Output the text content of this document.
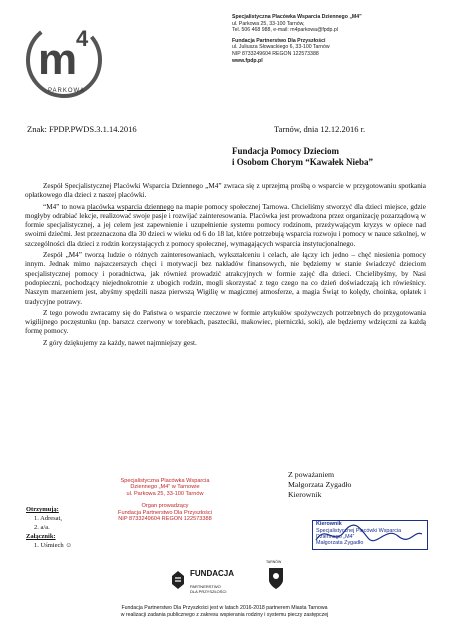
m
4
PARKOWA
Specjalistyczna Placówka Wsparcia Dziennego „M4”
ul. Parkowa 25, 33-100 Tarnów,
Tel. 506 468 988, e-mail: m4parkowa@fpdp.pl
Fundacja Partnerstwo Dla Przyszłości
ul. Juliusza Słowackiego 6, 33-100 Tarnów
NIP 8733249604 REGON 122573388
www.fpdp.pl
Znak: FPDP.PWDS.3.1.14.2016	Tarnów, dnia 12.12.2016 r.
Fundacja Pomocy Dzieciom
i Osobom Chorym “Kawałek Nieba”

Zespół Specjalistycznej Placówki Wsparcia Dziennego „M4” zwraca się z uprzejmą prośbą o wsparcie w przygotowaniu spotkania opłatkowego dla dzieci z naszej placówki.

“M4” to nowa placówka wsparcia dziennego na mapie pomocy społecznej Tarnowa. Chcieliśmy stworzyć dla dzieci miejsce, gdzie mogłyby odrabiać lekcje, realizować swoje pasje i rozwijać zainteresowania. Placówka jest prowadzona przez organizację pozarządową w formie specjalistycznej, a jej celem jest zapewnienie i uzupełnienie systemu pomocy rodzinom, przeżywającym kryzys w opiece nad swoimi dziećmi. Jest przeznaczona dla 30 dzieci w wieku od 6 do 18 lat, które potrzebują wsparcia rozwoju i pomocy w nauce szkolnej, w szczególności dla dzieci z rodzin korzystających z pomocy społecznej, wymagających wsparcia instytucjonalnego.

Zespół „M4” tworzą ludzie o różnych zainteresowaniach, wykształceniu i celach, ale łączy ich jedno – chęć niesienia pomocy innym. Jednak mimo najszczerszych chęci i motywacji bez nakładów finansowych, nie będziemy w stanie świadczyć dzieciom specjalistycznej pomocy i poradnictwa, jak również prowadzić atrakcyjnych w formie zajęć dla dzieci. Chcielibyśmy, by Nasi podopieczni, pochodzący niejednokrotnie z ubogich rodzin, mogli skorzystać z tego czego na co dzień doświadczają ich rówieśnicy. Naszym marzeniem jest, abyśmy spędzili nasza pierwszą Wigilię w magicznej atmosferze, a magia Świąt to kolędy, choinka, opłatek i tradycyjne potrawy.

Z tego powodu zwracamy się do Państwa o wsparcie rzeczowe w formie artykułów spożywczych potrzebnych do przygotowania wigilijnego poczęstunku (np. barszcz czerwony w torebkach, paszteciki, makowiec, pierniczki, soki), ale będziemy wdzięczni za każdą formę pomocy.

Z góry dziękujemy za każdy, nawet najmniejszy gest.

Z poważaniem
Małgorzata Zygadło
Kierownik
Specjalistyczna Placówka Wsparcia
Dziennego „M4” w Tarnowie
ul. Parkowa 25, 33-100 Tarnów
Organ prowadzący
Fundacja Partnerstwo Dla Przyszłości
NIP 8733249604 REGON 122573388
Otrzymują:
1. Adresat,
2. a/a.
Załącznik:
1. Uśmiech ☺
Kierownik
Specjalistycznej Placówki Wsparcia
Dziennego „M4”
Małgorzata Zygadło
FUNDACJA
PARTNERSTWO
DLA PRZYSZŁOŚCI
TARNÓW
Fundacja Partnerstwo Dla Przyszłości jest w latach 2016-2018 partnerem Miasta Tarnowa
w realizacji zadania publicznego z zakresu wspierania rodziny i systemu pieczy zastępczej
